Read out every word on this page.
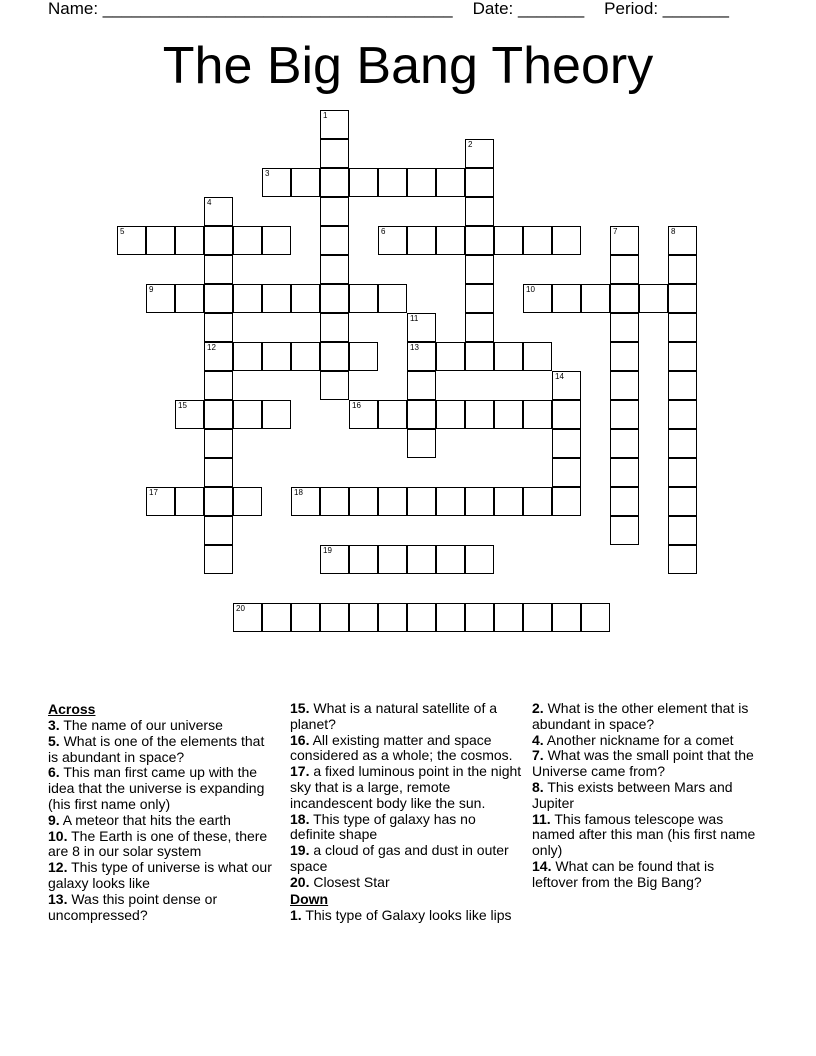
Name: _____________________________________ Date: _______ Period: _______
The Big Bang Theory
1
2
3
4
12
5	6	7	8
9	10
11
13
14
15	16
17	18
19
20
Across
3. The name of our universe
5. What is one of the elements that is abundant in space?
6. This man first came up with the idea that the universe is expanding (his first name only)
9. A meteor that hits the earth
10. The Earth is one of these, there are 8 in our solar system
12. This type of universe is what our galaxy looks like
13. Was this point dense or uncompressed?
15. What is a natural satellite of a planet?
16. All existing matter and space considered as a whole; the cosmos.
17. a fixed luminous point in the night sky that is a large, remote incandescent body like the sun.
18. This type of galaxy has no definite shape
19. a cloud of gas and dust in outer space
20. Closest Star
Down
1. This type of Galaxy looks like lips
2. What is the other element that is abundant in space?
4. Another nickname for a comet
7. What was the small point that the Universe came from?
8. This exists between Mars and Jupiter
11. This famous telescope was named after this man (his first name only)
14. What can be found that is leftover from the Big Bang?
